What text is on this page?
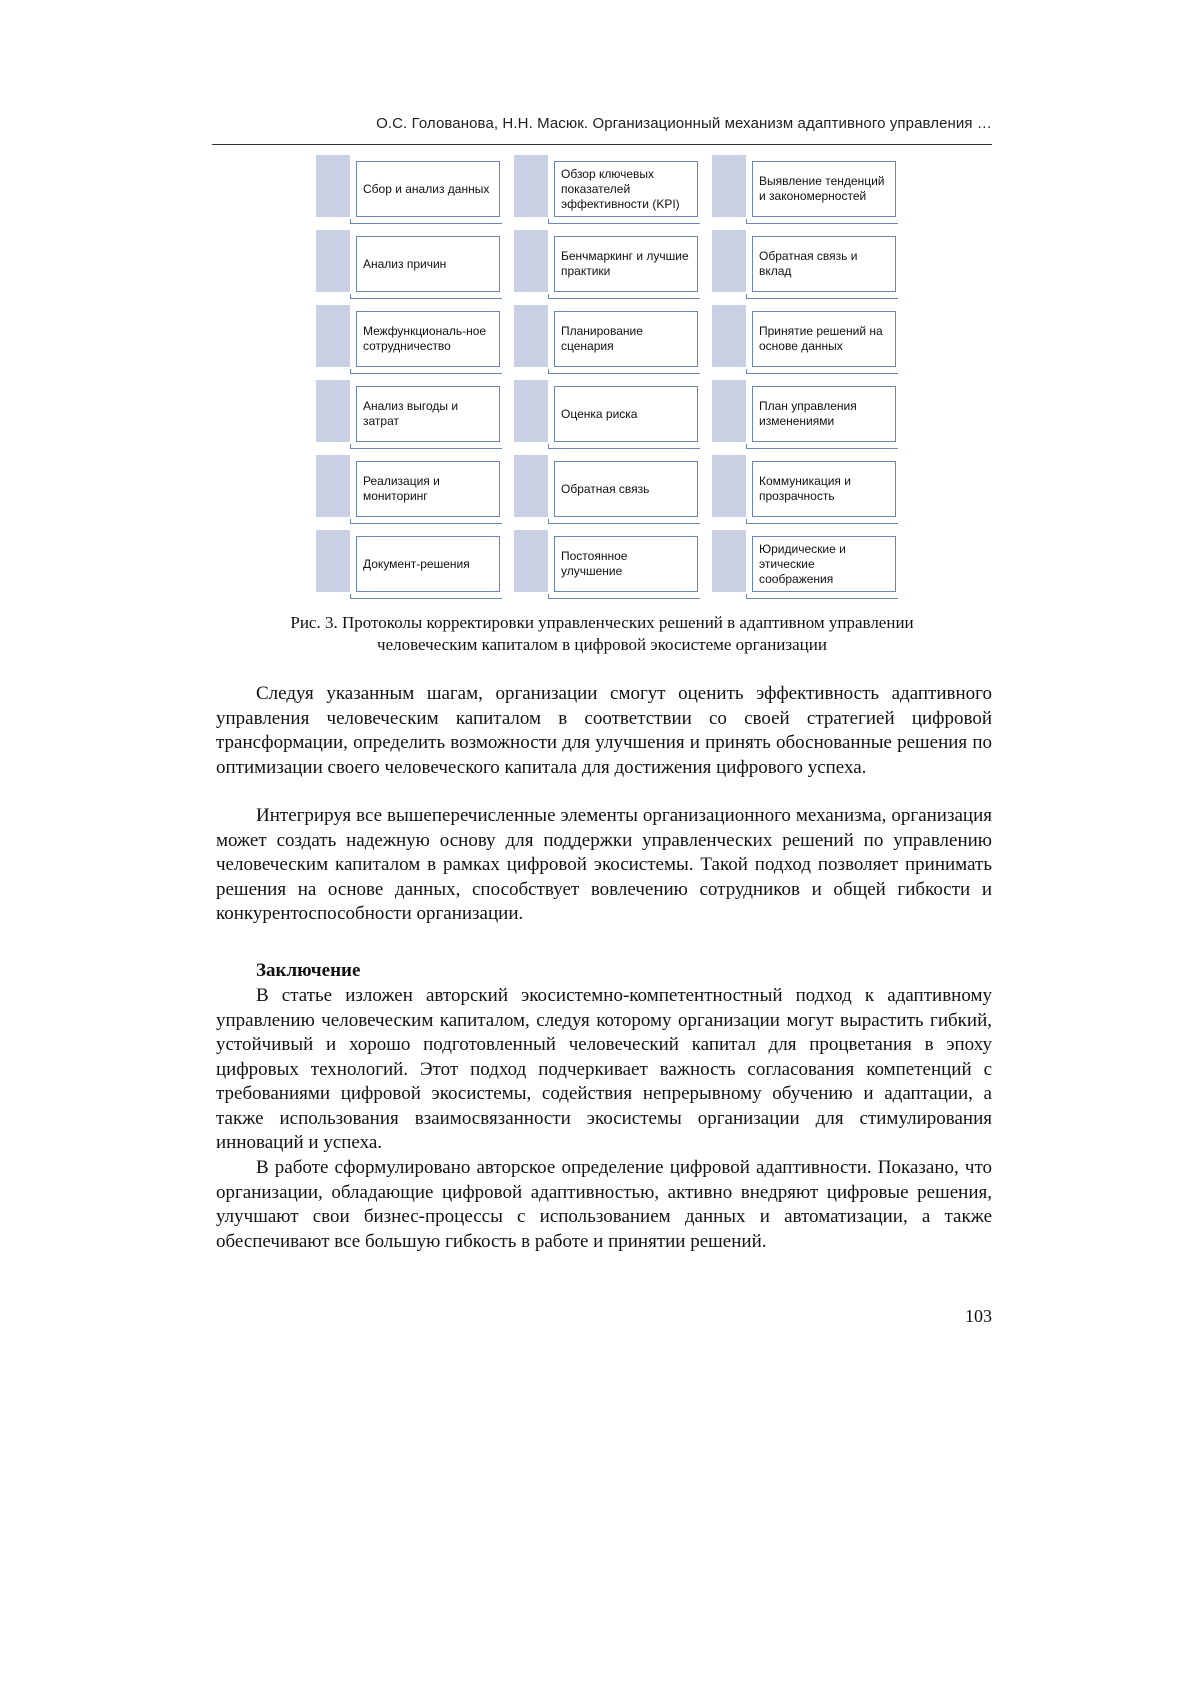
О.С. Голованова, Н.Н. Масюк. Организационный механизм адаптивного управления …
Сбор и анализ данных
Обзор ключевых показателей эффективности (KPI)
Выявление тенденций и закономерностей
Анализ причин
Бенчмаркинг и лучшие практики
Обратная связь и вклад
Межфункциональ-ное сотрудничество
Планирование сценария
Принятие решений на основе данных
Анализ выгоды и затрат
Оценка риска
План управления изменениями
Реализация и мониторинг
Обратная связь
Коммуникация и прозрачность
Документ-решения
Постоянное улучшение
Юридические и этические соображения
Рис. 3. Протоколы корректировки управленческих решений в адаптивном управлении
человеческим капиталом в цифровой экосистеме организации

Следуя указанным шагам, организации смогут оценить эффективность адаптивного управления человеческим капиталом в соответствии со своей стратегией цифровой трансформации, определить возможности для улучшения и принять обоснованные решения по оптимизации своего человеческого капитала для достижения цифрового успеха.

Интегрируя все вышеперечисленные элементы организационного механизма, организация может создать надежную основу для поддержки управленческих решений по управлению человеческим капиталом в рамках цифровой экосистемы. Такой подход позволяет принимать решения на основе данных, способствует вовлечению сотрудников и общей гибкости и конкурентоспособности организации.

Заключение

В статье изложен авторский экосистемно-компетентностный подход к адаптивному управлению человеческим капиталом, следуя которому организации могут вырастить гибкий, устойчивый и хорошо подготовленный человеческий капитал для процветания в эпоху цифровых технологий. Этот подход подчеркивает важность согласования компетенций с требованиями цифровой экосистемы, содействия непрерывному обучению и адаптации, а также использования взаимосвязанности экосистемы организации для стимулирования инноваций и успеха.

В работе сформулировано авторское определение цифровой адаптивности. Показано, что организации, обладающие цифровой адаптивностью, активно внедряют цифровые решения, улучшают свои бизнес-процессы с использованием данных и автоматизации, а также обеспечивают все большую гибкость в работе и принятии решений.

103
